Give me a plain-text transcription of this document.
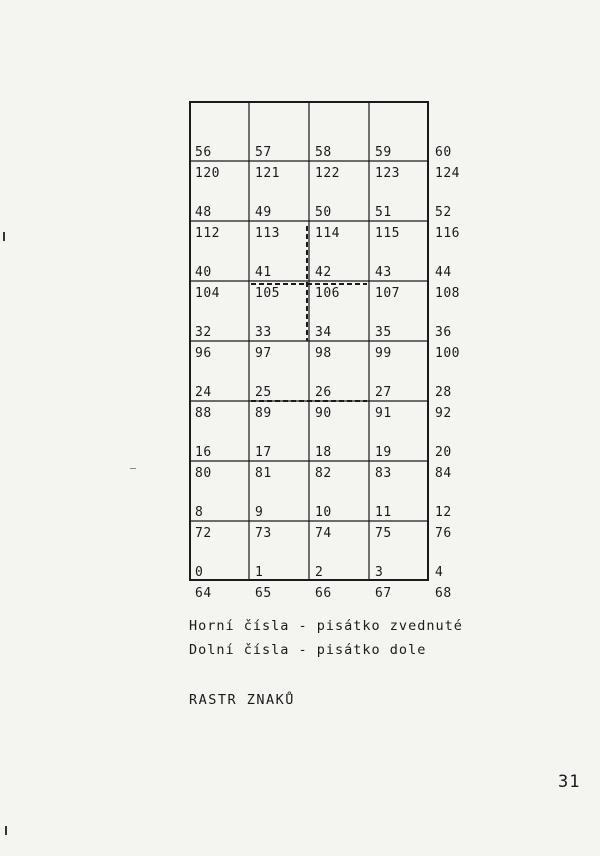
56
120
57
121
58
122
59
123
60
124
48
112
49
113
50
114
51
115
52
116
40
104
41
105
42
106
43
107
44
108
32
96
33
97
34
98
35
99
36
100
24
88
25
89
26
90
27
91
28
92
16
80
17
81
18
82
19
83
20
84
8
72
9
73
10
74
11
75
12
76
0
64
1
65
2
66
3
67
4
68
Horní čísla - pisátko zvednuté
Dolní čísla - pisátko dole
RASTR ZNAKŮ
31
